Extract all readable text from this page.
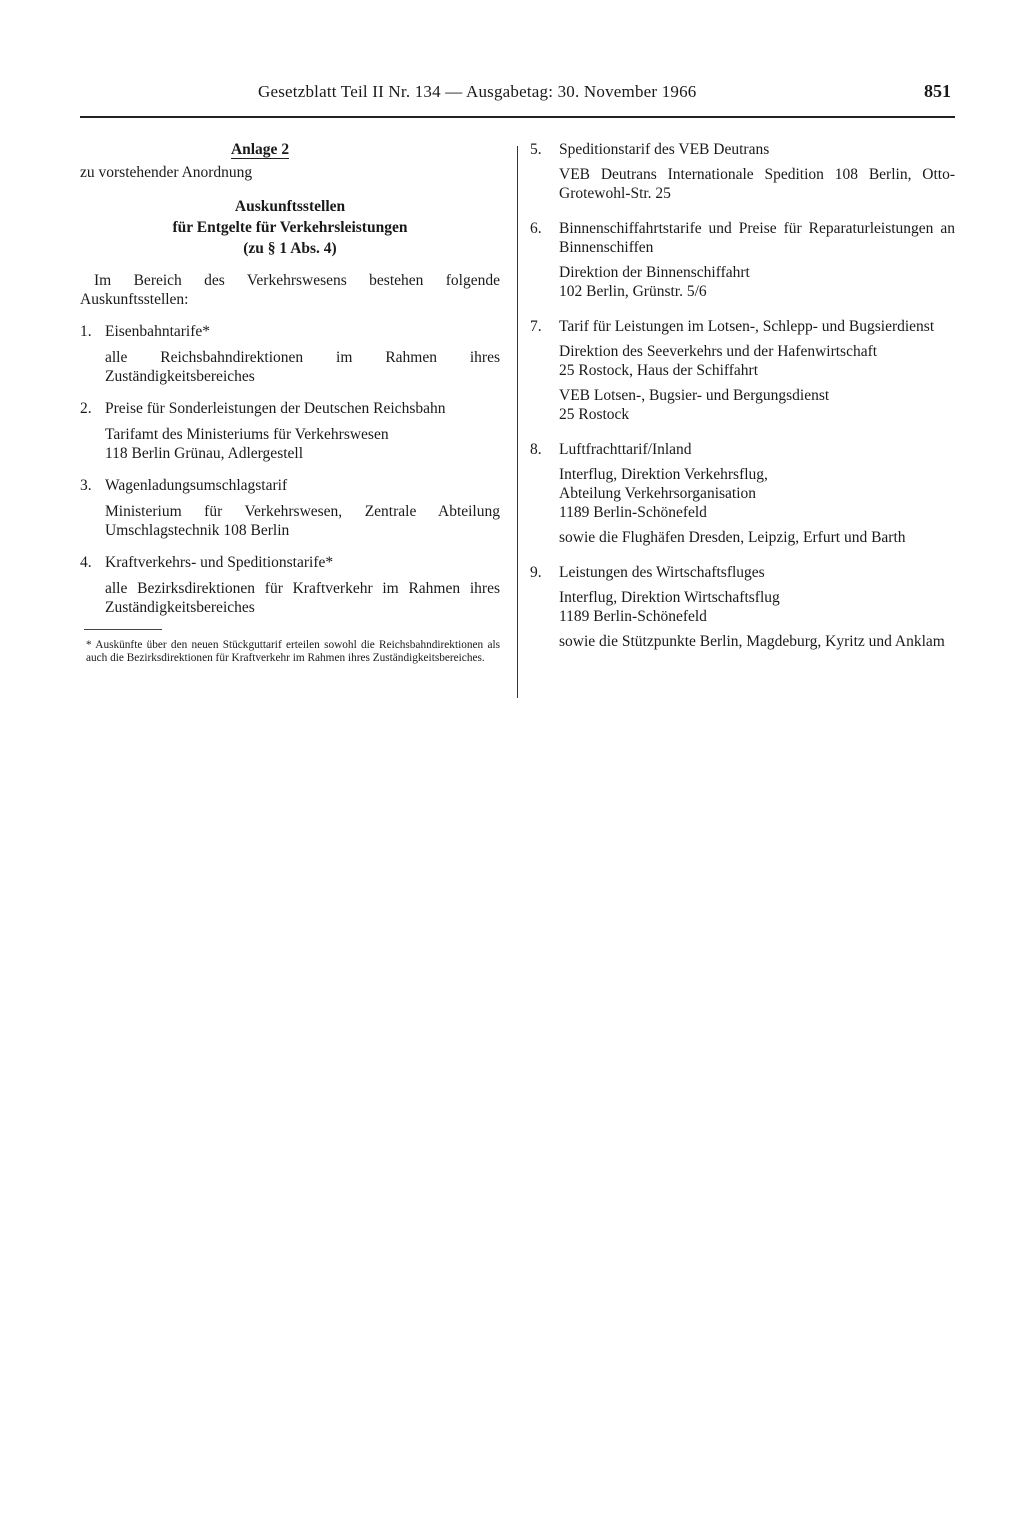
Gesetzblatt Teil II Nr. 134 — Ausgabetag: 30. November 1966	851
Anlage 2
zu vorstehender Anordnung
Auskunftsstellen
für Entgelte für Verkehrsleistungen
(zu § 1 Abs. 4)
Im Bereich des Verkehrswesens bestehen folgende Auskunftsstellen:
1. Eisenbahntarife*
alle Reichsbahndirektionen im Rahmen ihres Zuständigkeitsbereiches
2. Preise für Sonderleistungen der Deutschen Reichsbahn
Tarifamt des Ministeriums für Verkehrswesen
118 Berlin Grünau, Adlergestell
3. Wagenladungsumschlagstarif
Ministerium für Verkehrswesen, Zentrale Abteilung Umschlagstechnik 108 Berlin
4. Kraftverkehrs- und Speditionstarife*
alle Bezirksdirektionen für Kraftverkehr im Rahmen ihres Zuständigkeitsbereiches
* Auskünfte über den neuen Stückguttarif erteilen sowohl die Reichsbahndirektionen als auch die Bezirksdirektionen für Kraftverkehr im Rahmen ihres Zuständigkeitsbereiches.
5. Speditionstarif des VEB Deutrans
VEB Deutrans Internationale Spedition 108 Berlin, Otto-Grotewohl-Str. 25
6. Binnenschiffahrtstarife und Preise für Reparaturleistungen an Binnenschiffen
Direktion der Binnenschiffahrt
102 Berlin, Grünstr. 5/6
7. Tarif für Leistungen im Lotsen-, Schlepp- und Bugsierdienst
Direktion des Seeverkehrs und der Hafenwirtschaft
25 Rostock, Haus der Schiffahrt
VEB Lotsen-, Bugsier- und Bergungsdienst
25 Rostock
8. Luftfrachttarif/Inland
Interflug, Direktion Verkehrsflug,
Abteilung Verkehrsorganisation
1189 Berlin-Schönefeld
sowie die Flughäfen Dresden, Leipzig, Erfurt und Barth
9. Leistungen des Wirtschaftsfluges
Interflug, Direktion Wirtschaftsflug
1189 Berlin-Schönefeld
sowie die Stützpunkte Berlin, Magdeburg, Kyritz und Anklam
